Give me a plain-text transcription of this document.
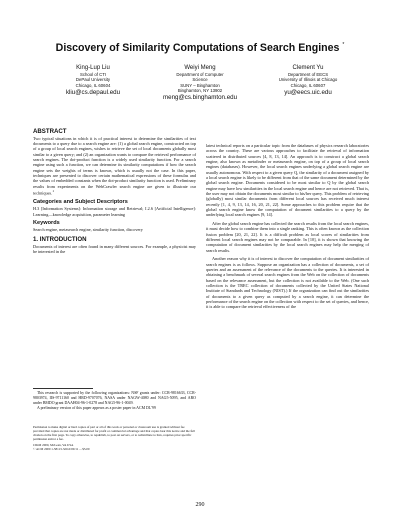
Discovery of Similarity Computations of Search Engines *
King-Lup Liu
School of CTI
DePaul University
Chicago, IL 60604
kliu@cs.depaul.edu
Weiyi Meng
Department of Computer
Science
SUNY – Binghamton
Binghamton, NY 13902
meng@cs.binghamton.edu
Clement Yu
Department of EECS
University of Illinois at Chicago
Chicago, IL 60607
yu@eecs.uic.edu
ABSTRACT

Two typical situations in which it is of practical interest to determine the similarities of text documents to a query due to a search engine are: (1) a global search engine, constructed on top of a group of local search engines, wishes to retrieve the set of local documents globally most similar to a given query; and (2) an organization wants to compare the retrieval performance of search engines. The dot-product function is a widely used similarity function. For a search engine using such a function, we can determine its similarity computations if how the search engine sets the weights of terms is known, which is usually not the case. In this paper, techniques are presented to discover certain mathematical expressions of these formulas and the values of embedded constants when the dot-product similarity function is used. Preliminary results from experiments on the WebCrawler search engine are given to illustrate our techniques.$^1$

Categories and Subject Descriptors

H.3 [Information Systems]: Information storage and Retrieval; I.2.6 [Artificial Intelligence]: Learning—knowledge acquisition, parameter learning

Keywords

Search engine, metasearch engine, similarity function, discovery

1. INTRODUCTION

Documents of interest are often found in many different sources. For example, a physicist may be interested in the

This research is supported by the following organizations: NSF grants under: CCR-9816633, CCR-9803974, IIS-9711160 and HRD-9707076, NASA under NAGW-4080 and NAG5-5095, and ARO under BMDO grant DAAH04-96-1-0278 and NAG5-96-1-0049.

A preliminary version of this paper appears as a poster paper in ACM DL'99

Permission to make digital or hard copies of part or all of this work or personal or classroom use is granted without fee provided that copies are not made or distributed for profit or commercial advantage and that copies bear this notice and the full citation on the first page. To copy otherwise, to republish, to post on servers, or to redistribute to lists, requires prior specific permission and/or a fee.

CIKM 2000, McLean, VA USA
© ACM 2000 1-58113-320-0/00/11 ... $5.00

latest technical reports on a particular topic from the databases of physics research laboratories across the country. These are various approaches to facilitate the retrieval of information scattered in distributed sources [4, 8, 13, 14]. An approach is to construct a global search engine, also known as metafinder or metasearch engine, on top of a group of local search engines (databases). However, the local search engines underlying a global search engine are usually autonomous. With respect to a given query Q, the similarity of a document assigned by a local search engine is likely to be different from that of the same document determined by the global search engine. Documents considered to be most similar to Q by the global search engine may have low similarities in the local search engine and hence are not retrieved. That is, the user may not obtain the documents most similar to his/her query. This problem of retrieving (globally) most similar documents from different local sources has received much interest recently [1, 4, 9, 13, 14, 16, 20, 21, 22]. Some approaches to this problem require that the global search engine know the computation of document similarities to a query by the underlying local search engines [9, 14].

After the global search engine has collected the search results from the local search engines, it must decide how to combine them into a single ranking. This is often known as the collection fusion problem [20, 21, 22]. It is a difficult problem as local scores of similarities from different local search engines may not be comparable. In [10], it is shown that knowing the computation of document similarities by the local search engines may help the merging of search results.

Another reason why it is of interest to discover the computation of document similarities of search engines is as follows. Suppose an organization has a collection of documents, a set of queries and an assessment of the relevance of the documents to the queries. It is interested in obtaining a benchmark of several search engines from the Web on the collection of documents based on the relevance assessment, but the collection is not available to the Web. (One such collection is the TREC collection of documents collected by the United States National Institute of Standards and Technology (NIST).) If the organization can find out the similarities of documents to a given query as computed by a search engine, it can determine the performance of the search engine on the collection with respect to the set of queries, and hence, it is able to compare the retrieval effectiveness of the

290
